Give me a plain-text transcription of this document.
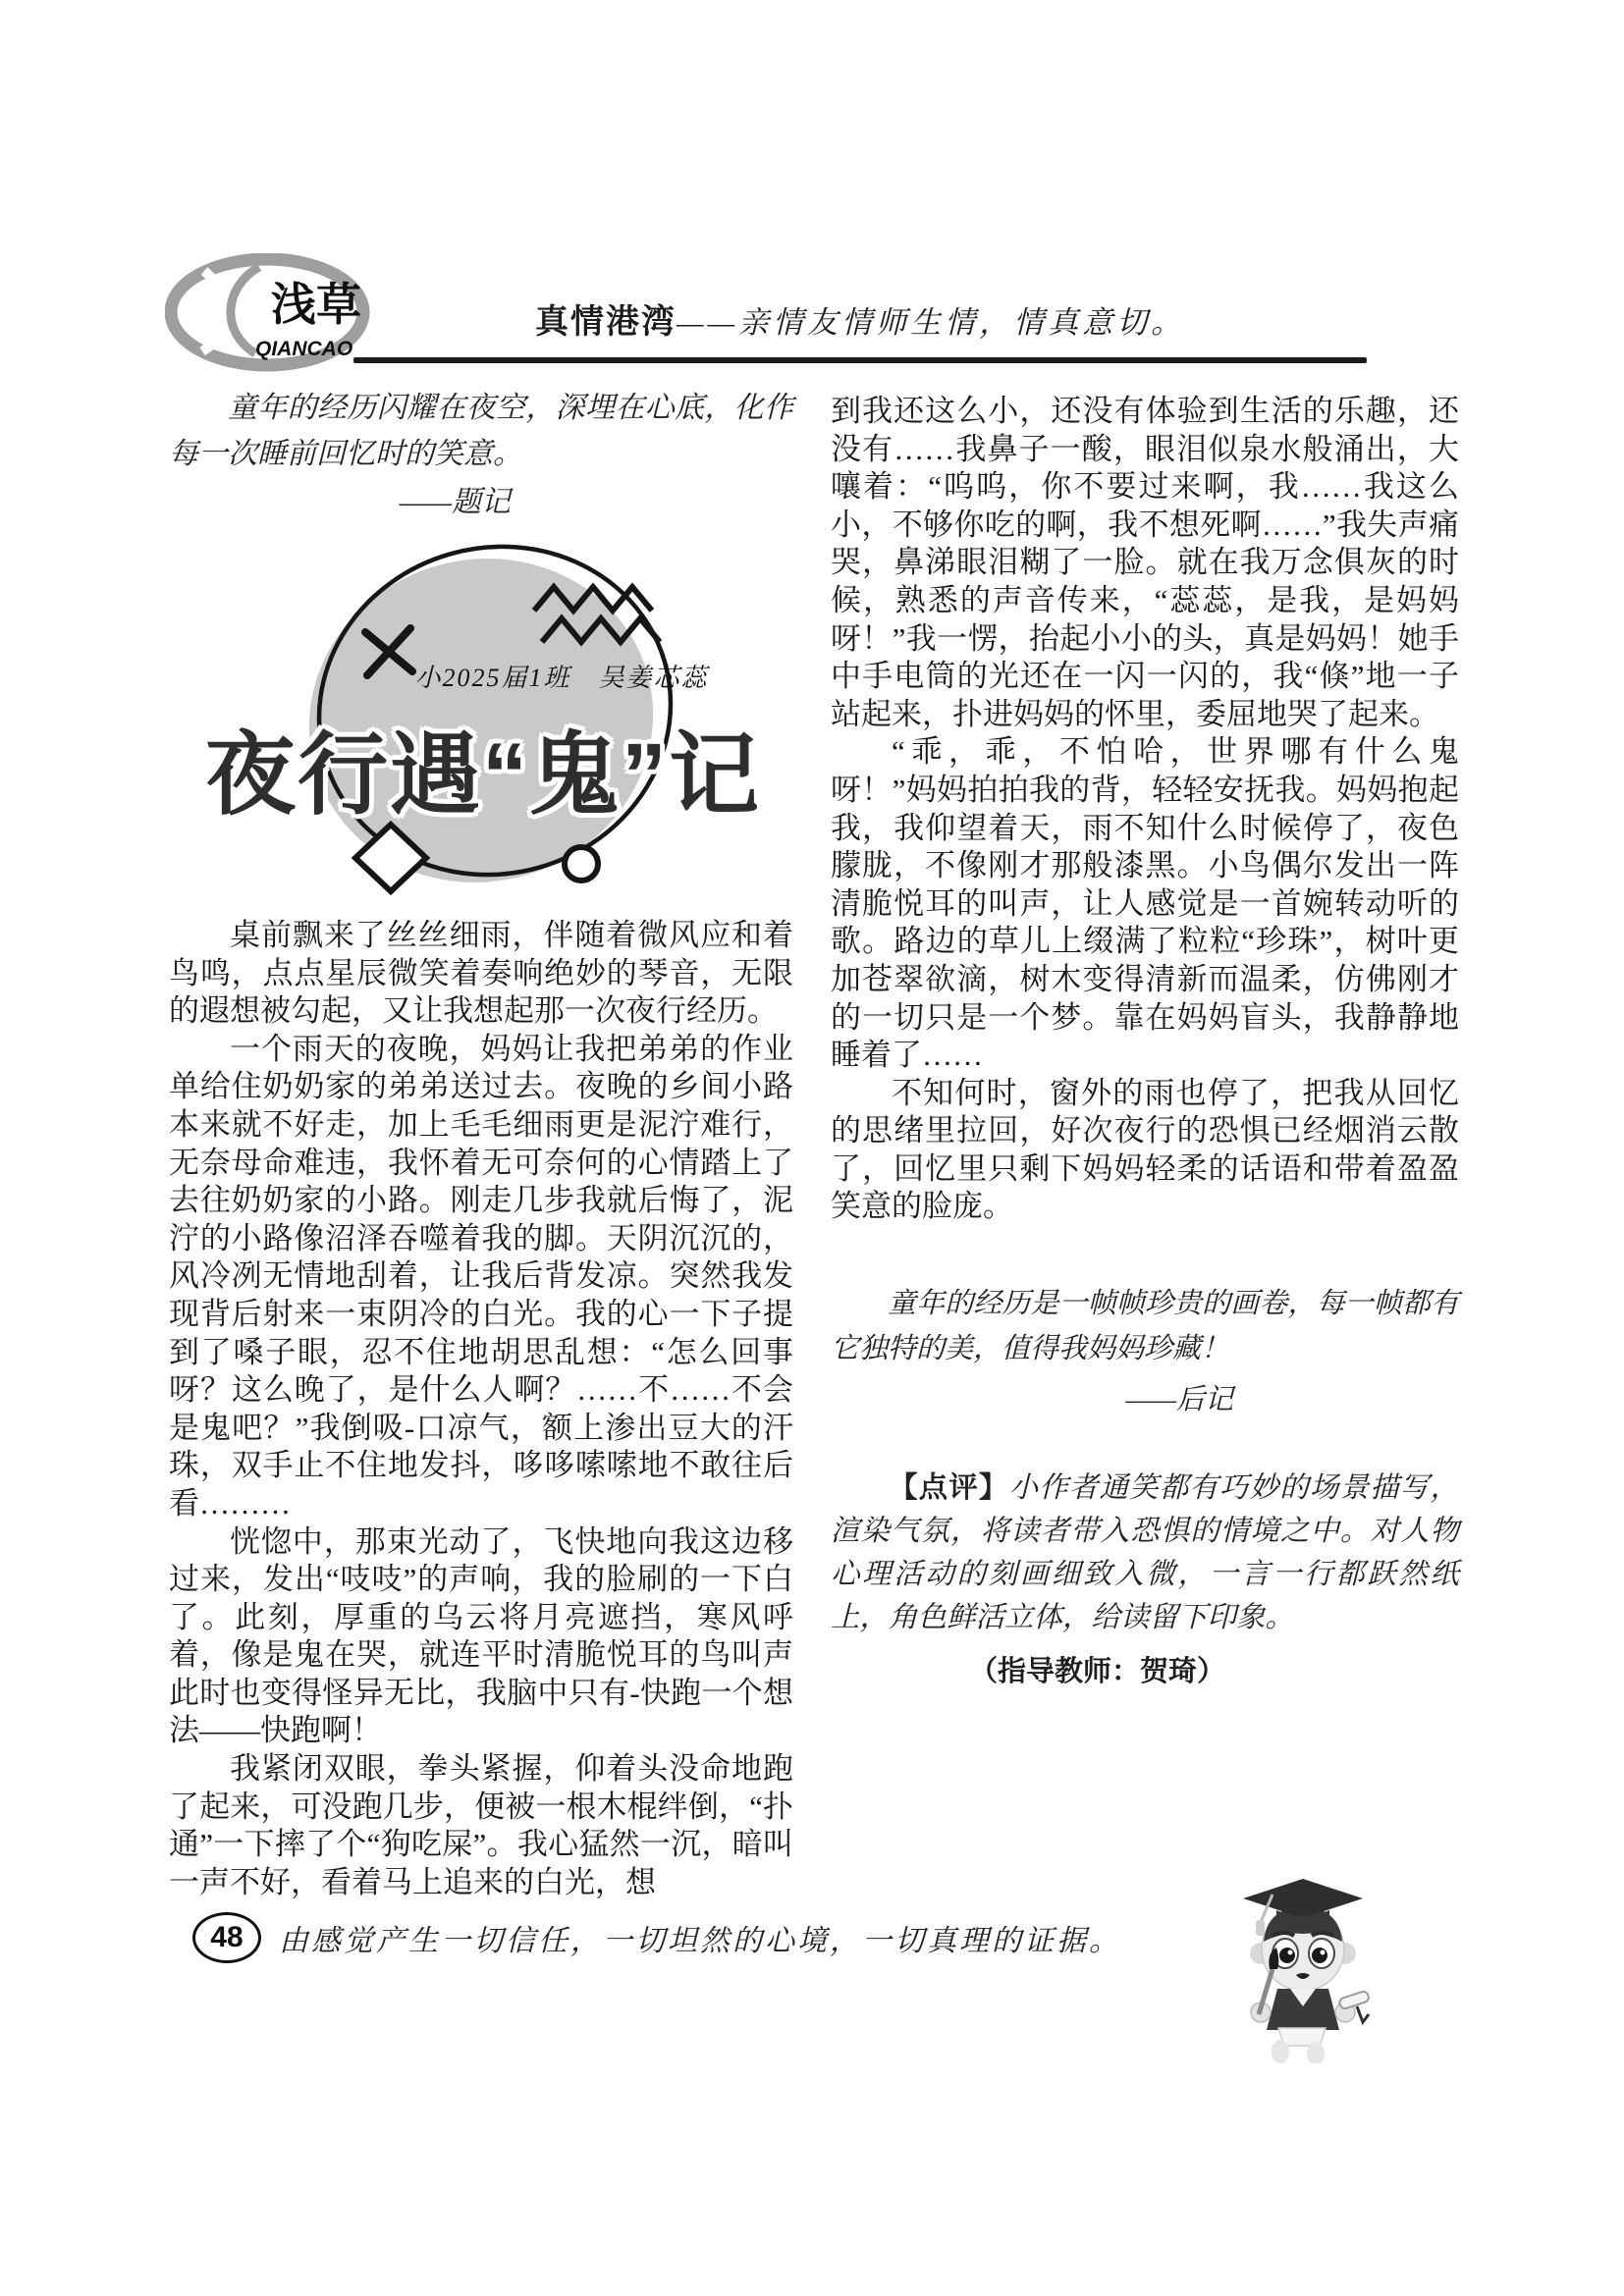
浅草
QIANCAO
真情港湾——亲情友情师生情，情真意切。

童年的经历闪耀在夜空，深埋在心底，化作每一次睡前回忆时的笑意。

——题记

小2025届1班　吴姜芯蕊
夜行遇“鬼”记

桌前飘来了丝丝细雨，伴随着微风应和着鸟鸣，点点星辰微笑着奏响绝妙的琴音，无限的遐想被勾起，又让我想起那一次夜行经历。

一个雨天的夜晚，妈妈让我把弟弟的作业单给住奶奶家的弟弟送过去。夜晚的乡间小路本来就不好走，加上毛毛细雨更是泥泞难行，无奈母命难违，我怀着无可奈何的心情踏上了去往奶奶家的小路。刚走几步我就后悔了，泥泞的小路像沼泽吞噬着我的脚。天阴沉沉的，风冷冽无情地刮着，让我后背发凉。突然我发现背后射来一束阴冷的白光。我的心一下子提到了嗓子眼，忍不住地胡思乱想：“怎么回事呀？这么晚了，是什么人啊？……不……不会是鬼吧？”我倒吸-口凉气，额上渗出豆大的汗珠，双手止不住地发抖，哆哆嗦嗦地不敢往后看………

恍惚中，那束光动了，飞快地向我这边移过来，发出“吱吱”的声响，我的脸刷的一下白了。此刻，厚重的乌云将月亮遮挡，寒风呼着，像是鬼在哭，就连平时清脆悦耳的鸟叫声此时也变得怪异无比，我脑中只有-快跑一个想法——快跑啊！

我紧闭双眼，拳头紧握，仰着头没命地跑了起来，可没跑几步，便被一根木棍绊倒，“扑通”一下摔了个“狗吃屎”。我心猛然一沉，暗叫一声不好，看着马上追来的白光，想

到我还这么小，还没有体验到生活的乐趣，还没有……我鼻子一酸，眼泪似泉水般涌出，大嚷着：“呜呜，你不要过来啊，我……我这么小，不够你吃的啊，我不想死啊……”我失声痛哭，鼻涕眼泪糊了一脸。就在我万念俱灰的时候，熟悉的声音传来，“蕊蕊，是我，是妈妈呀！”我一愣，抬起小小的头，真是妈妈！她手中手电筒的光还在一闪一闪的，我“倏”地一子站起来，扑进妈妈的怀里，委屈地哭了起来。

“乖，乖，不怕哈，世界哪有什么鬼呀！”妈妈拍拍我的背，轻轻安抚我。妈妈抱起我，我仰望着天，雨不知什么时候停了，夜色朦胧，不像刚才那般漆黑。小鸟偶尔发出一阵清脆悦耳的叫声，让人感觉是一首婉转动听的歌。路边的草儿上缀满了粒粒“珍珠”，树叶更加苍翠欲滴，树木变得清新而温柔，仿佛刚才的一切只是一个梦。靠在妈妈盲头，我静静地睡着了……

不知何时，窗外的雨也停了，把我从回忆的思绪里拉回，好次夜行的恐惧已经烟消云散了，回忆里只剩下妈妈轻柔的话语和带着盈盈笑意的脸庞。

童年的经历是一帧帧珍贵的画卷，每一帧都有它独特的美，值得我妈妈珍藏！

——后记

【点评】小作者通笑都有巧妙的场景描写，渲染气氛，将读者带入恐惧的情境之中。对人物心理活动的刻画细致入微，一言一行都跃然纸上，角色鲜活立体，给读留下印象。

（指导教师：贺琦）

48 由感觉产生一切信任，一切坦然的心境，一切真理的证据。
